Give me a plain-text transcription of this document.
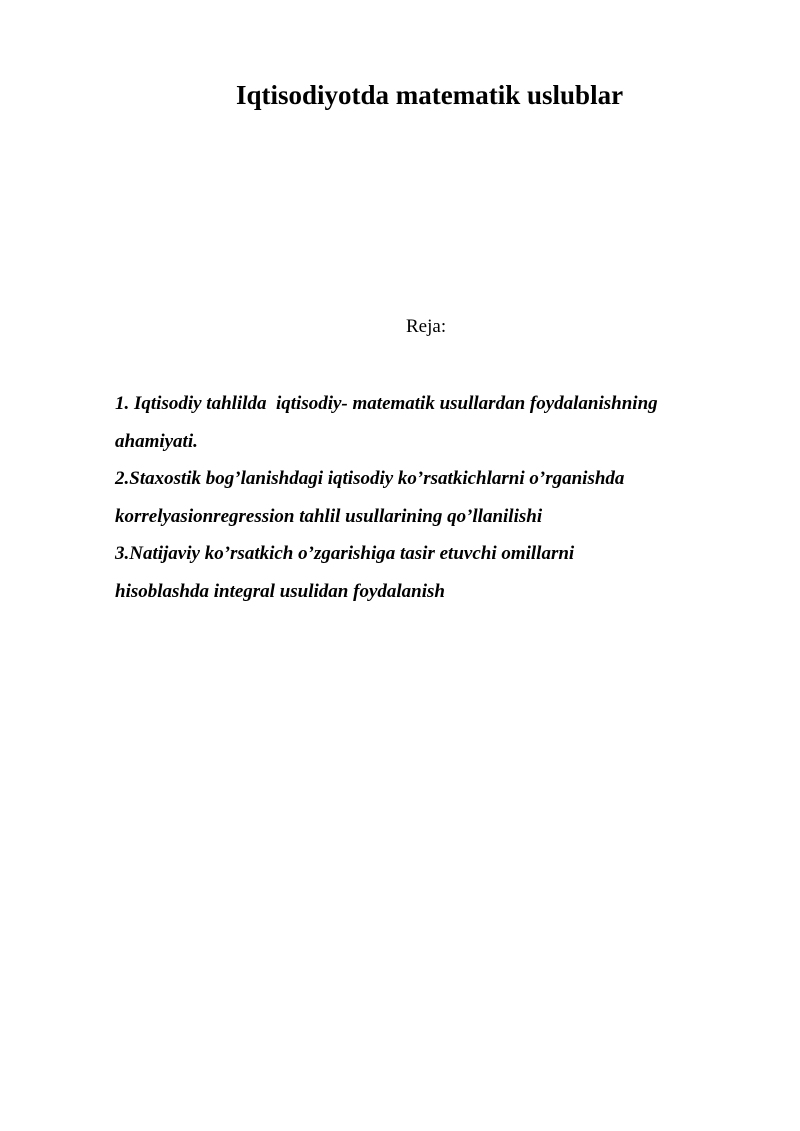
Iqtisodiyotda matematik uslublar

Reja:

1. Iqtisodiy tahlilda  iqtisodiy- matematik usullardan foydalanishning
ahamiyati.
2.Staxostik bog’lanishdagi iqtisodiy ko’rsatkichlarni o’rganishda
korrelyasionregression tahlil usullarining qo’llanilishi
3.Natijaviy ko’rsatkich o’zgarishiga tasir etuvchi omillarni
hisoblashda integral usulidan foydalanish
